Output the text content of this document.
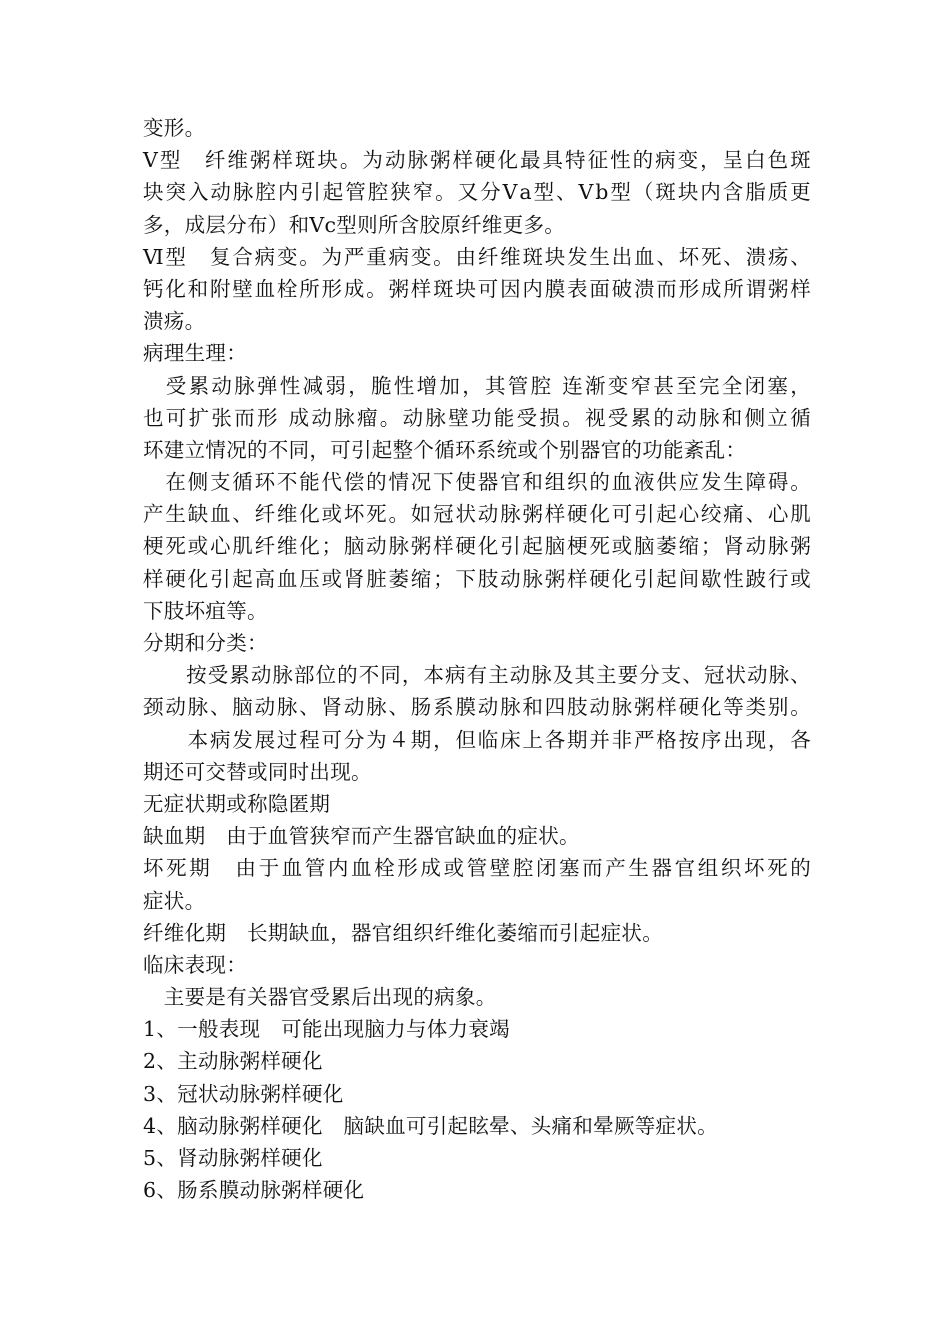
变形。
Ⅴ型　纤维粥样斑块。为动脉粥样硬化最具特征性的病变，呈白色斑
块突入动脉腔内引起管腔狭窄。又分Ⅴa型、Ⅴb型（斑块内含脂质更
多，成层分布）和Ⅴc型则所含胶原纤维更多。
Ⅵ型　复合病变。为严重病变。由纤维斑块发生出血、坏死、溃疡、
钙化和附壁血栓所形成。粥样斑块可因内膜表面破溃而形成所谓粥样
溃疡。
病理生理：
　受累动脉弹性减弱，脆性增加，其管腔 连渐变窄甚至完全闭塞，
也可扩张而形 成动脉瘤。动脉壁功能受损。视受累的动脉和侧立循
环建立情况的不同，可引起整个循环系统或个别器官的功能紊乱：
　在侧支循环不能代偿的情况下使器官和组织的血液供应发生障碍。
产生缺血、纤维化或坏死。如冠状动脉粥样硬化可引起心绞痛、心肌
梗死或心肌纤维化；脑动脉粥样硬化引起脑梗死或脑萎缩；肾动脉粥
样硬化引起高血压或肾脏萎缩；下肢动脉粥样硬化引起间歇性跛行或
下肢坏疽等。
分期和分类：
　　按受累动脉部位的不同，本病有主动脉及其主要分支、冠状动脉、
颈动脉、脑动脉、肾动脉、肠系膜动脉和四肢动脉粥样硬化等类别。
　　本病发展过程可分为４期，但临床上各期并非严格按序出现，各
期还可交替或同时出现。
无症状期或称隐匿期
缺血期　由于血管狭窄而产生器官缺血的症状。
坏死期　由于血管内血栓形成或管壁腔闭塞而产生器官组织坏死的
症状。
纤维化期　长期缺血，器官组织纤维化萎缩而引起症状。
临床表现：
　主要是有关器官受累后出现的病象。
1、一般表现　可能出现脑力与体力衰竭
2、主动脉粥样硬化
3、冠状动脉粥样硬化
4、脑动脉粥样硬化　脑缺血可引起眩晕、头痛和晕厥等症状。
5、肾动脉粥样硬化
6、肠系膜动脉粥样硬化
